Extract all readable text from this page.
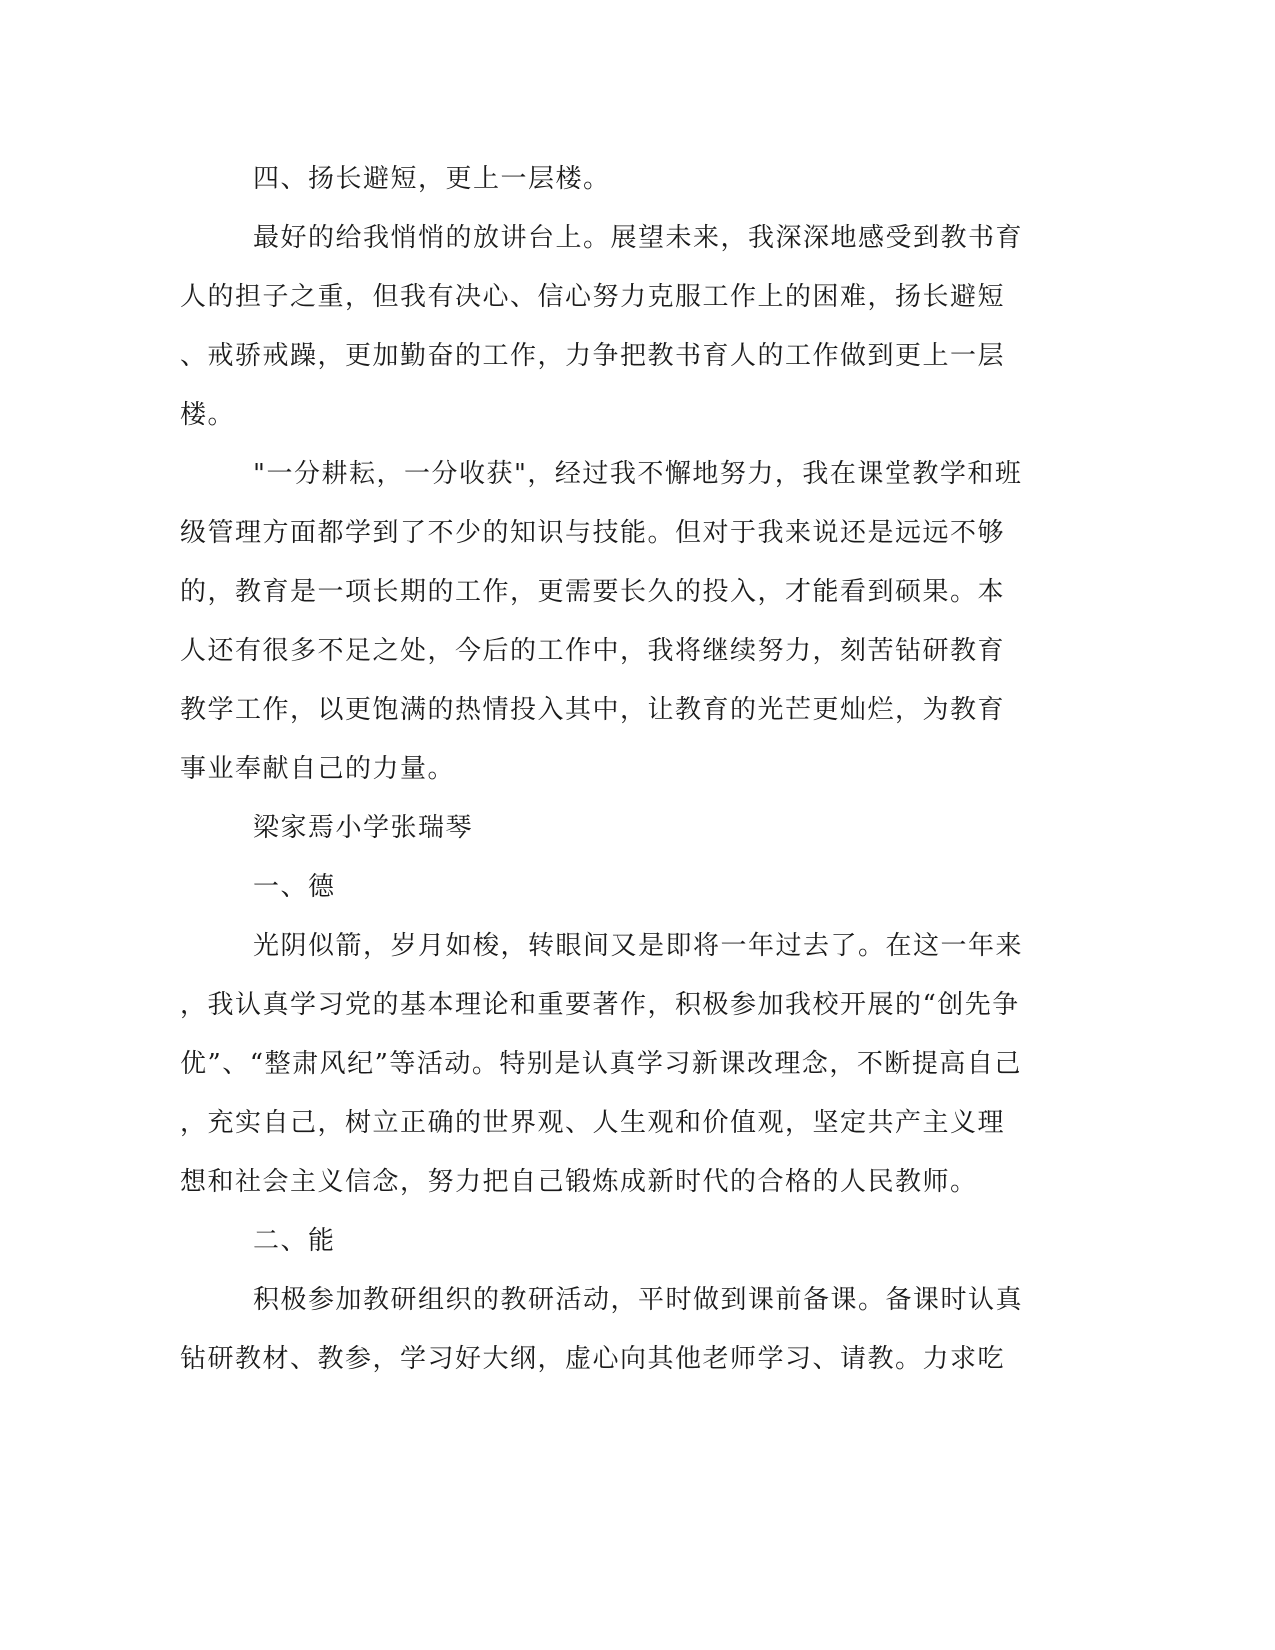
四、扬长避短，更上一层楼。
最好的给我悄悄的放讲台上。展望未来，我深深地感受到教书育
人的担子之重，但我有决心、信心努力克服工作上的困难，扬长避短
、戒骄戒躁，更加勤奋的工作，力争把教书育人的工作做到更上一层
楼。
"一分耕耘，一分收获"，经过我不懈地努力，我在课堂教学和班
级管理方面都学到了不少的知识与技能。但对于我来说还是远远不够
的，教育是一项长期的工作，更需要长久的投入，才能看到硕果。本
人还有很多不足之处，今后的工作中，我将继续努力，刻苦钻研教育
教学工作，以更饱满的热情投入其中，让教育的光芒更灿烂，为教育
事业奉献自己的力量。
梁家焉小学张瑞琴
一、德
光阴似箭，岁月如梭，转眼间又是即将一年过去了。在这一年来
，我认真学习党的基本理论和重要著作，积极参加我校开展的“创先争
优”、“整肃风纪”等活动。特别是认真学习新课改理念，不断提高自己
，充实自己，树立正确的世界观、人生观和价值观，坚定共产主义理
想和社会主义信念，努力把自己锻炼成新时代的合格的人民教师。
二、能
积极参加教研组织的教研活动，平时做到课前备课。备课时认真
钻研教材、教参，学习好大纲，虚心向其他老师学习、请教。力求吃
